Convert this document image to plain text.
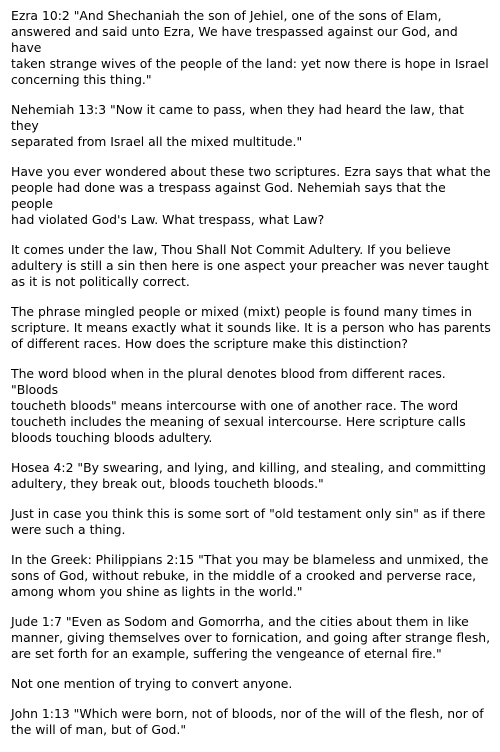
Ezra 10:2 "And Shechaniah the son of Jehiel, one of the sons of Elam,
answered and said unto Ezra, We have trespassed against our God, and have
taken strange wives of the people of the land: yet now there is hope in Israel
concerning this thing."

Nehemiah 13:3 "Now it came to pass, when they had heard the law, that they
separated from Israel all the mixed multitude."

Have you ever wondered about these two scriptures. Ezra says that what the
people had done was a trespass against God. Nehemiah says that the people
had violated God's Law. What trespass, what Law?

It comes under the law, Thou Shall Not Commit Adultery. If you believe
adultery is still a sin then here is one aspect your preacher was never taught
as it is not politically correct.

The phrase mingled people or mixed (mixt) people is found many times in
scripture. It means exactly what it sounds like. It is a person who has parents
of different races. How does the scripture make this distinction?

The word blood when in the plural denotes blood from different races. "Bloods
toucheth bloods" means intercourse with one of another race. The word
toucheth includes the meaning of sexual intercourse. Here scripture calls
bloods touching bloods adultery.

Hosea 4:2 "By swearing, and lying, and killing, and stealing, and committing
adultery, they break out, bloods toucheth bloods."

Just in case you think this is some sort of "old testament only sin" as if there
were such a thing.

In the Greek: Philippians 2:15 "That you may be blameless and unmixed, the
sons of God, without rebuke, in the middle of a crooked and perverse race,
among whom you shine as lights in the world."

Jude 1:7 "Even as Sodom and Gomorrha, and the cities about them in like
manner, giving themselves over to fornication, and going after strange flesh,
are set forth for an example, suffering the vengeance of eternal fire."

Not one mention of trying to convert anyone.

John 1:13 "Which were born, not of bloods, nor of the will of the flesh, nor of
the will of man, but of God."
